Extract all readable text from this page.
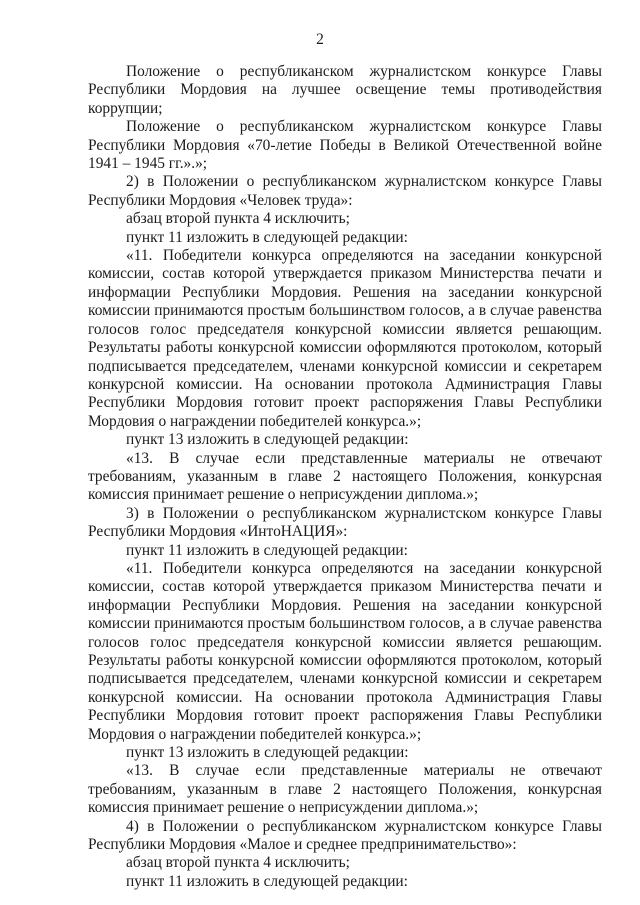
2

Положение о республиканском журналистском конкурсе Главы Республики Мордовия на лучшее освещение темы противодействия коррупции;

Положение о республиканском журналистском конкурсе Главы Республики Мордовия «70-летие Победы в Великой Отечественной войне 1941 – 1945 гг.».»;

2) в Положении о республиканском журналистском конкурсе Главы Республики Мордовия «Человек труда»:

абзац второй пункта 4 исключить;

пункт 11 изложить в следующей редакции:

«11. Победители конкурса определяются на заседании конкурсной комиссии, состав которой утверждается приказом Министерства печати и информации Республики Мордовия. Решения на заседании конкурсной комиссии принимаются простым большинством голосов, а в случае равенства голосов голос председателя конкурсной комиссии является решающим. Результаты работы конкурсной комиссии оформляются протоколом, который подписывается председателем, членами конкурсной комиссии и секретарем конкурсной комиссии. На основании протокола Администрация Главы Республики Мордовия готовит проект распоряжения Главы Республики Мордовия о награждении победителей конкурса.»;

пункт 13 изложить в следующей редакции:

«13. В случае если представленные материалы не отвечают требованиям, указанным в главе 2 настоящего Положения, конкурсная комиссия принимает решение о неприсуждении диплома.»;

3) в Положении о республиканском журналистском конкурсе Главы Республики Мордовия «ИнтоНАЦИЯ»:

пункт 11 изложить в следующей редакции:

«11. Победители конкурса определяются на заседании конкурсной комиссии, состав которой утверждается приказом Министерства печати и информации Республики Мордовия. Решения на заседании конкурсной комиссии принимаются простым большинством голосов, а в случае равенства голосов голос председателя конкурсной комиссии является решающим. Результаты работы конкурсной комиссии оформляются протоколом, который подписывается председателем, членами конкурсной комиссии и секретарем конкурсной комиссии. На основании протокола Администрация Главы Республики Мордовия готовит проект распоряжения Главы Республики Мордовия о награждении победителей конкурса.»;

пункт 13 изложить в следующей редакции:

«13. В случае если представленные материалы не отвечают требованиям, указанным в главе 2 настоящего Положения, конкурсная комиссия принимает решение о неприсуждении диплома.»;

4) в Положении о республиканском журналистском конкурсе Главы Республики Мордовия «Малое и среднее предпринимательство»:

абзац второй пункта 4 исключить;

пункт 11 изложить в следующей редакции:
